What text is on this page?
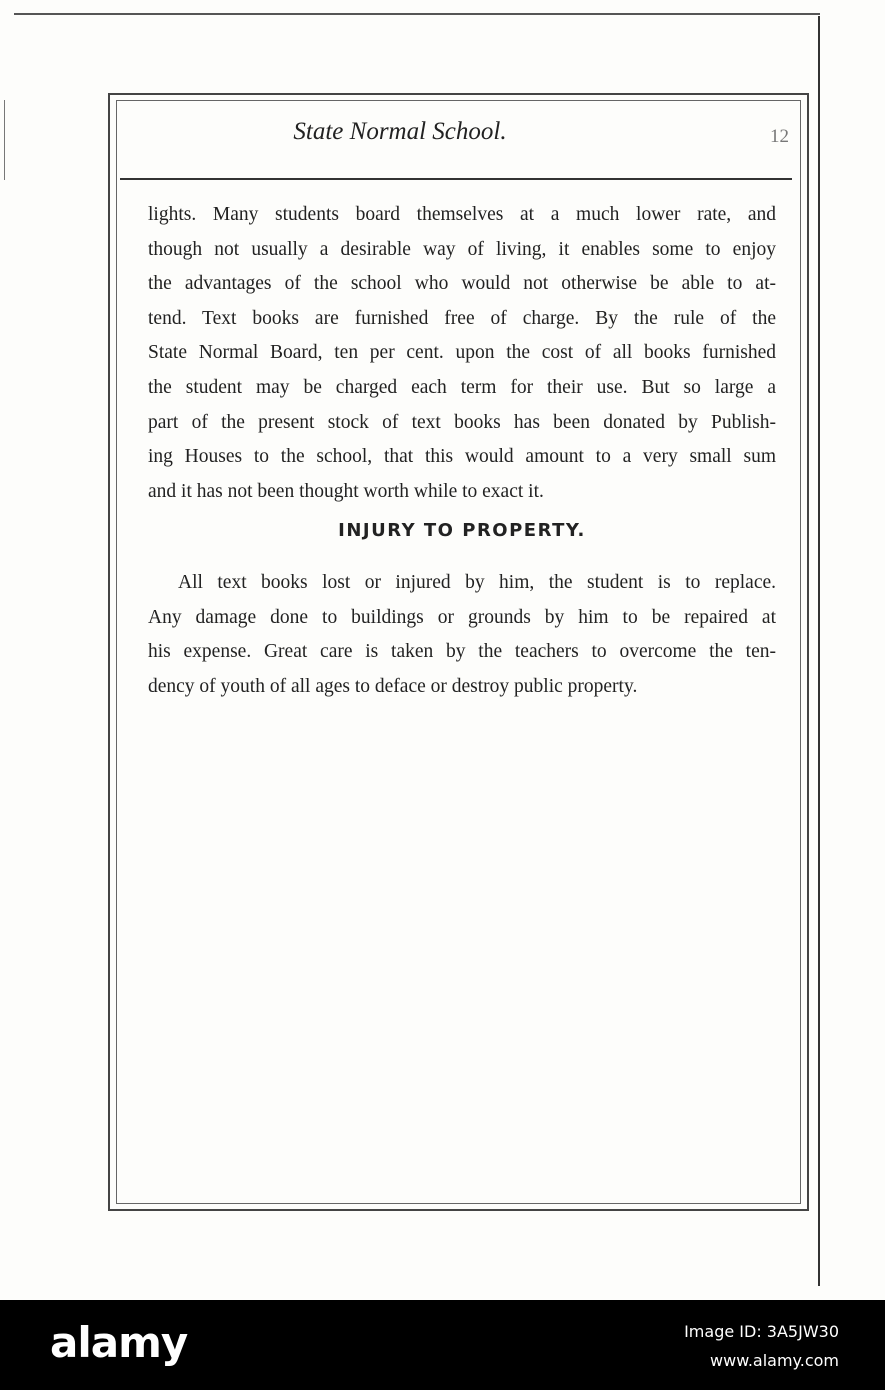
State Normal School.	12
lights. Many students board themselves at a much lower rate, and
though not usually a desirable way of living, it enables some to enjoy
the advantages of the school who would not otherwise be able to at-
tend. Text books are furnished free of charge. By the rule of the
State Normal Board, ten per cent. upon the cost of all books furnished
the student may be charged each term for their use. But so large a
part of the present stock of text books has been donated by Publish-
ing Houses to the school, that this would amount to a very small sum
and it has not been thought worth while to exact it.
INJURY TO PROPERTY.
All text books lost or injured by him, the student is to replace.
Any damage done to buildings or grounds by him to be repaired at
his expense. Great care is taken by the teachers to overcome the ten-
dency of youth of all ages to deface or destroy public property.
alamy	Image ID: 3A5JW30
www.alamy.com
